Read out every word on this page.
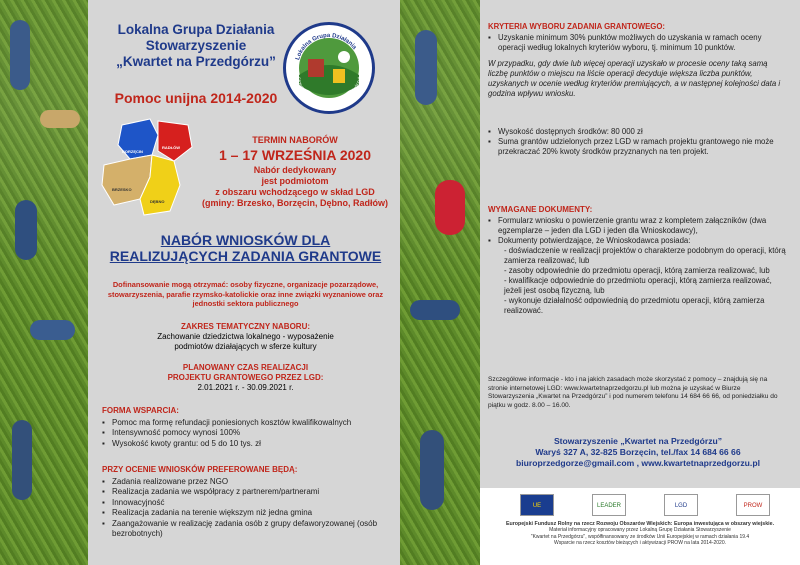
Lokalna Grupa Działania
Stowarzyszenie
„Kwartet na Przedgórzu”
Pomoc unijna 2014-2020
Lokalna Grupa Działania
Stowarzyszenie „Kwartet na Przedgórzu”
BORZĘCIN
RADŁÓW
BRZESKO
DĘBNO
TERMIN NABORÓW
1 – 17 WRZEŚNIA 2020
Nabór dedykowany
jest podmiotom
z obszaru wchodzącego w skład LGD
(gminy: Brzesko, Borzęcin, Dębno, Radłów)
NABÓR WNIOSKÓW DLA
REALIZUJĄCYCH ZADANIA GRANTOWE
Dofinansowanie mogą otrzymać: osoby fizyczne, organizacje pozarządowe, stowarzyszenia, parafie rzymsko-katolickie oraz inne związki wyznaniowe oraz jednostki sektora publicznego
ZAKRES TEMATYCZNY NABORU:
Zachowanie dziedzictwa lokalnego - wyposażenie
podmiotów działających w sferze kultury
PLANOWANY CZAS REALIZACJI
PROJEKTU GRANTOWEGO PRZEZ LGD:
2.01.2021 r. - 30.09.2021 r.
FORMA WSPARCIA:
▪ Pomoc ma formę refundacji poniesionych kosztów kwalifikowalnych
▪ Intensywność pomocy wynosi 100%
▪ Wysokość kwoty grantu: od 5 do 10 tys. zł
PRZY OCENIE WNIOSKÓW PREFEROWANE BĘDĄ:
▪ Zadania realizowane przez NGO
▪ Realizacja zadania we współpracy z partnerem/partnerami
▪ Innowacyjność
▪ Realizacja zadania na terenie większym niż jedna gmina
▪ Zaangażowanie w realizację zadania osób z grupy defaworyzowanej (osób bezrobotnych)
KRYTERIA WYBORU ZADANIA GRANTOWEGO:
▪ Uzyskanie minimum 30% punktów możliwych do uzyskania w ramach oceny operacji według lokalnych kryteriów wyboru, tj. minimum 10 punktów.

W przypadku, gdy dwie lub więcej operacji uzyskało w procesie oceny taką samą liczbę punktów o miejscu na liście operacji decyduje większa liczba punktów, uzyskanych w ocenie według kryteriów premiujących, a w następnej kolejności data i godzina wpływu wniosku.

▪ Wysokość dostępnych środków: 80 000 zł
▪ Suma grantów udzielonych przez LGD w ramach projektu grantowego nie może przekraczać 20% kwoty środków przyznanych na ten projekt.
WYMAGANE DOKUMENTY:
▪ Formularz wniosku o powierzenie grantu wraz z kompletem załączników (dwa egzemplarze – jeden dla LGD i jeden dla Wnioskodawcy),
▪ Dokumenty potwierdzające, że Wnioskodawca posiada:
- doświadczenie w realizacji projektów o charakterze podobnym do operacji, którą zamierza realizować, lub
- zasoby odpowiednie do przedmiotu operacji, którą zamierza realizować, lub
- kwalifikacje odpowiednie do przedmiotu operacji, którą zamierza realizować, jeżeli jest osobą fizyczną, lub
- wykonuje działalność odpowiednią do przedmiotu operacji, którą zamierza realizować.
Szczegółowe informacje - kto i na jakich zasadach może skorzystać z pomocy – znajdują się na stronie internetowej LGD: www.kwartetnaprzedgorzu.pl lub można je uzyskać w Biurze Stowarzyszenia „Kwartet na Przedgórzu” i pod numerem telefonu 14 684 66 66, od poniedziałku do piątku w godz. 8.00 – 16.00.
Stowarzyszenie „Kwartet na Przedgórzu”
Waryś 327 A, 32-825 Borzęcin, tel./fax 14 684 66 66
biuroprzedgorze@gmail.com , www.kwartetnaprzedgorzu.pl
UE	LEADER	LGD	PROW
Europejski Fundusz Rolny na rzecz Rozwoju Obszarów Wiejskich: Europa inwestująca w obszary wiejskie.
Materiał informacyjny opracowany przez Lokalną Grupę Działania Stowarzyszenie
"Kwartet na Przedgórzu", współfinansowany ze środków Unii Europejskiej w ramach działania 19.4
Wsparcie na rzecz kosztów bieżących i aktywizacji PROW na lata 2014-2020.
